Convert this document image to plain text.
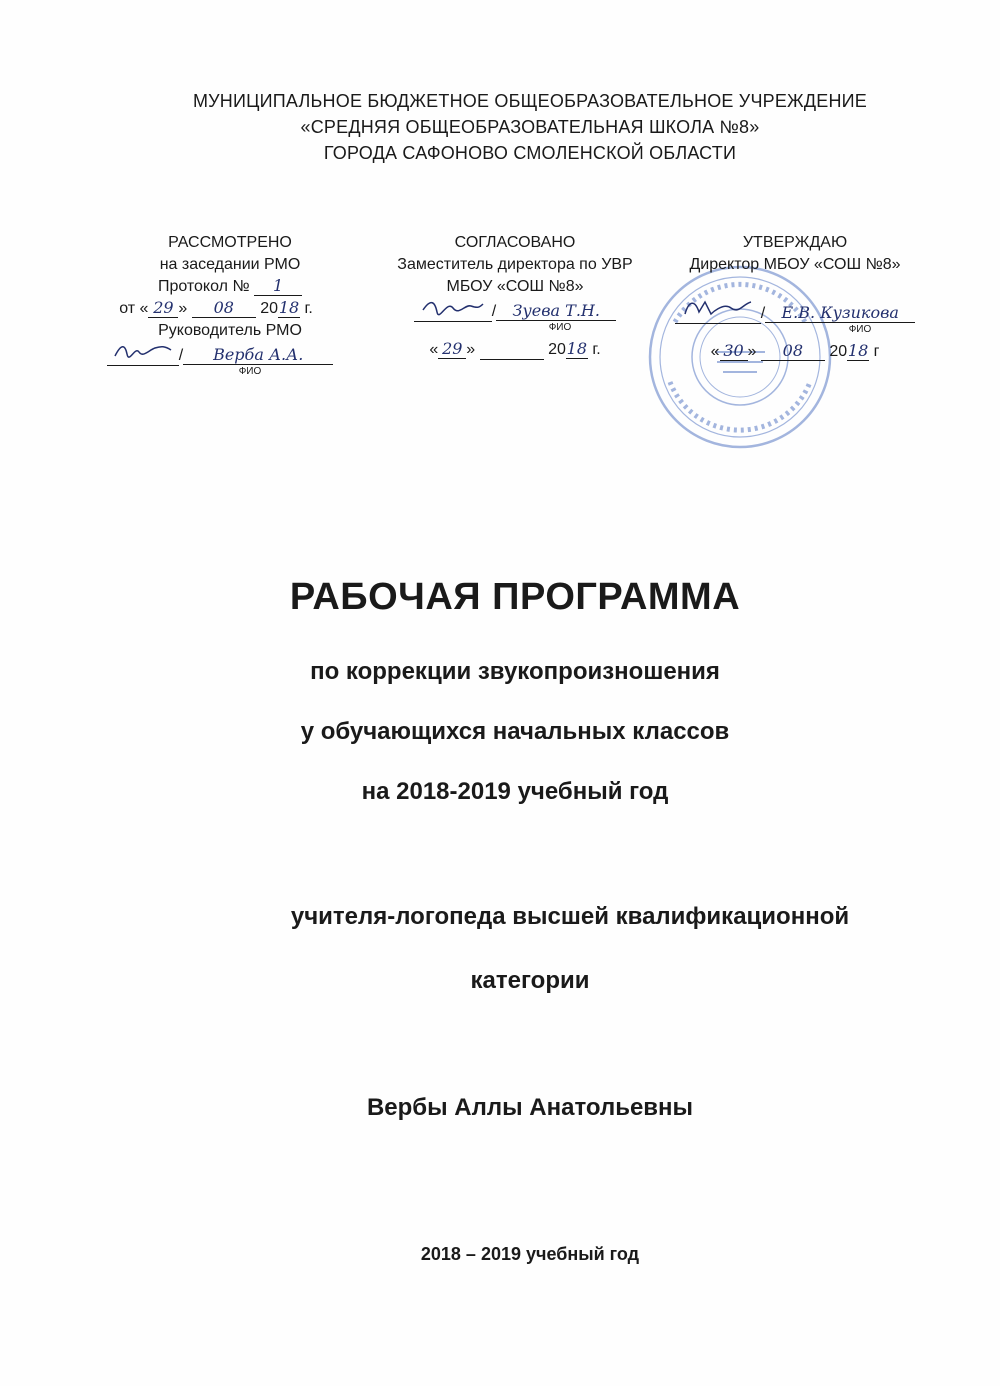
МУНИЦИПАЛЬНОЕ БЮДЖЕТНОЕ ОБЩЕОБРАЗОВАТЕЛЬНОЕ УЧРЕЖДЕНИЕ
«СРЕДНЯЯ ОБЩЕОБРАЗОВАТЕЛЬНАЯ ШКОЛА №8»
ГОРОДА САФОНОВО СМОЛЕНСКОЙ ОБЛАСТИ
РАССМОТРЕНО
на заседании РМО
Протокол № 1
от « 29 » 08 2018 г.
Руководитель РМО
/ Верба А.А.
ФИО
СОГЛАСОВАНО
Заместитель директора по УВР
МБОУ «СОШ №8»
/ Зуева Т.Н.
ФИО
« 29 »	2018 г.
УТВЕРЖДАЮ
Директор МБОУ «СОШ №8»
/ Е.В. Кузикова
ФИО
« 30 » 08 2018 г
РАБОЧАЯ ПРОГРАММА
по коррекции звукопроизношения
у обучающихся начальных классов
на 2018-2019 учебный год
учителя-логопеда высшей квалификационной
категории
Вербы Аллы Анатольевны
2018 – 2019 учебный год
